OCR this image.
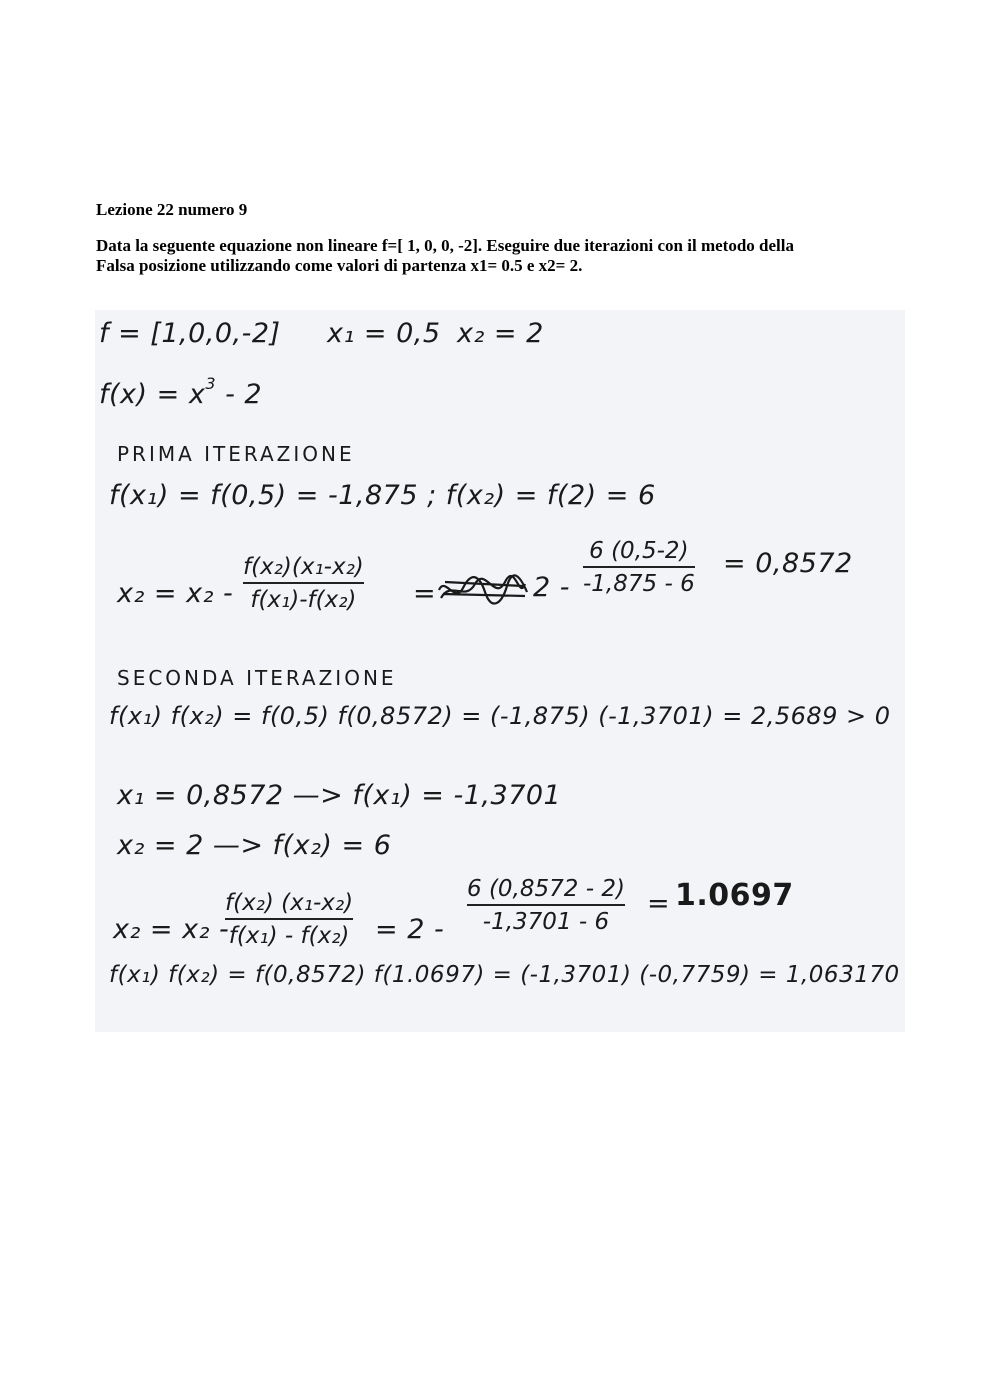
Lezione 22 numero 9
Data la seguente equazione non lineare f=[ 1, 0, 0, -2]. Eseguire due iterazioni con il metodo della Falsa posizione utilizzando come valori di partenza x1= 0.5 e x2= 2.
f = [1,0,0,-2] x₁ = 0,5 x₂ = 2
$f(x) = x^3 - 2$
PRIMA ITERAZIONE
f(x₁) = f(0,5) = -1,875 ; f(x₂) = f(2) = 6
x₂ = x₂ -
f(x₂)(x₁-x₂)
f(x₁)-f(x₂) =	2 -
6 (0,5-2)
-1,875 - 6
= 0,8572
SECONDA ITERAZIONE
f(x₁) f(x₂) = f(0,5) f(0,8572) = (-1,875) (-1,3701) = 2,5689 > 0
x₁ = 0,8572 —> f(x₁) = -1,3701
x₂ = 2 —> f(x₂) = 6
x₂ = x₂ -
f(x₂) (x₁-x₂)
f(x₁) - f(x₂) = 2 -
6 (0,8572 - 2)
-1,3701 - 6
= 1.0697
f(x₁) f(x₂) = f(0,8572) f(1.0697) = (-1,3701) (-0,7759) = 1,063170
